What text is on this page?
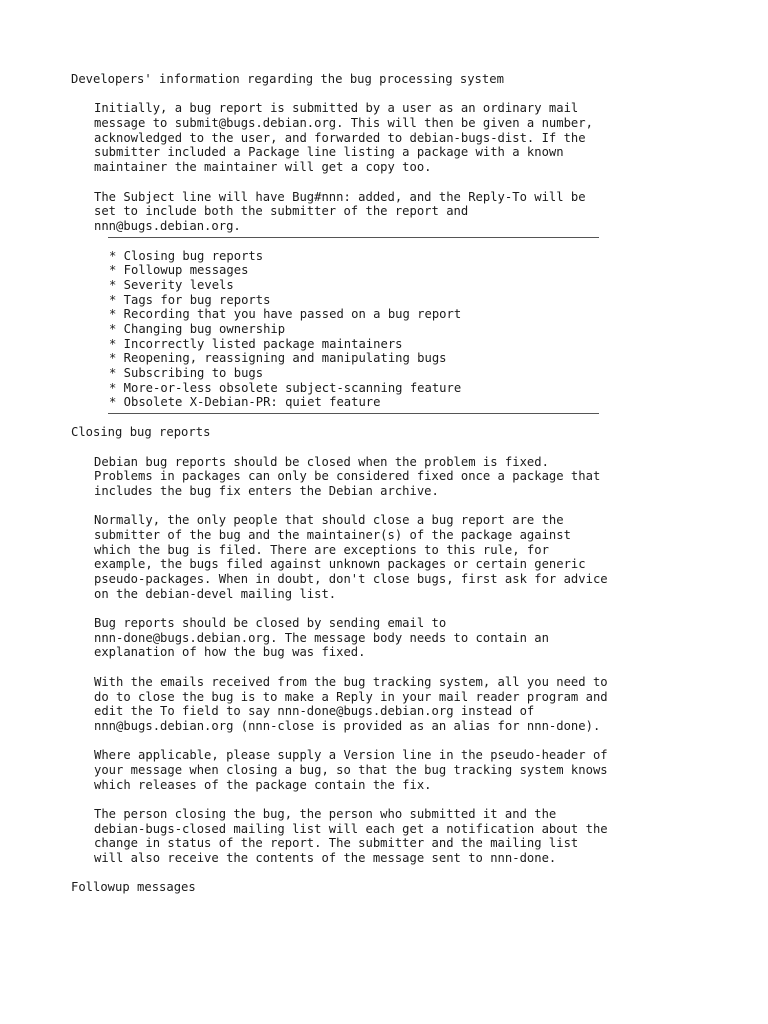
Developers' information regarding the bug processing system
Initially, a bug report is submitted by a user as an ordinary mail
message to submit@bugs.debian.org. This will then be given a number,
acknowledged to the user, and forwarded to debian-bugs-dist. If the
submitter included a Package line listing a package with a known
maintainer the maintainer will get a copy too.
The Subject line will have Bug#nnn: added, and the Reply-To will be
set to include both the submitter of the report and
nnn@bugs.debian.org.
* Closing bug reports
* Followup messages
* Severity levels
* Tags for bug reports
* Recording that you have passed on a bug report
* Changing bug ownership
* Incorrectly listed package maintainers
* Reopening, reassigning and manipulating bugs
* Subscribing to bugs
* More-or-less obsolete subject-scanning feature
* Obsolete X-Debian-PR: quiet feature
Closing bug reports
Debian bug reports should be closed when the problem is fixed.
Problems in packages can only be considered fixed once a package that
includes the bug fix enters the Debian archive.
Normally, the only people that should close a bug report are the
submitter of the bug and the maintainer(s) of the package against
which the bug is filed. There are exceptions to this rule, for
example, the bugs filed against unknown packages or certain generic
pseudo-packages. When in doubt, don't close bugs, first ask for advice
on the debian-devel mailing list.
Bug reports should be closed by sending email to
nnn-done@bugs.debian.org. The message body needs to contain an
explanation of how the bug was fixed.
With the emails received from the bug tracking system, all you need to
do to close the bug is to make a Reply in your mail reader program and
edit the To field to say nnn-done@bugs.debian.org instead of
nnn@bugs.debian.org (nnn-close is provided as an alias for nnn-done).
Where applicable, please supply a Version line in the pseudo-header of
your message when closing a bug, so that the bug tracking system knows
which releases of the package contain the fix.
The person closing the bug, the person who submitted it and the
debian-bugs-closed mailing list will each get a notification about the
change in status of the report. The submitter and the mailing list
will also receive the contents of the message sent to nnn-done.
Followup messages
